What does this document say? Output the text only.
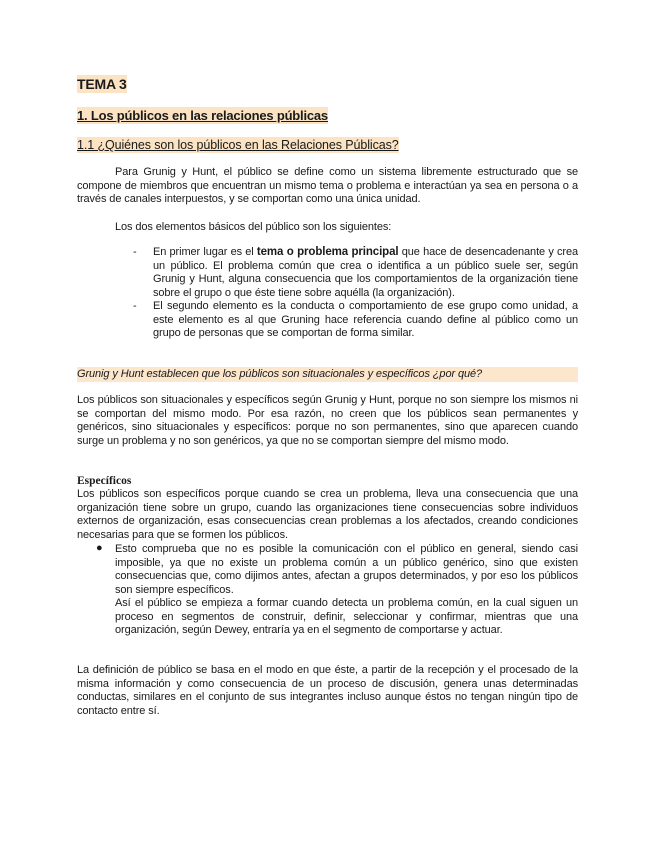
TEMA 3
1. Los públicos en las relaciones públicas
1.1 ¿Quiénes son los públicos en las Relaciones Públicas?
Para Grunig y Hunt, el público se define como un sistema libremente estructurado que se compone de miembros que encuentran un mismo tema o problema e interactúan ya sea en persona o a través de canales interpuestos, y se comportan como una única unidad.
Los dos elementos básicos del público son los siguientes:
- En primer lugar es el tema o problema principal que hace de desencadenante y crea un público. El problema común que crea o identifica a un público suele ser, según Grunig y Hunt, alguna consecuencia que los comportamientos de la organización tiene sobre el grupo o que éste tiene sobre aquélla (la organización).
- El segundo elemento es la conducta o comportamiento de ese grupo como unidad, a este elemento es al que Gruning hace referencia cuando define al público como un grupo de personas que se comportan de forma similar.
Grunig y Hunt establecen que los públicos son situacionales y específicos ¿por qué?
Los públicos son situacionales y específicos según Grunig y Hunt, porque no son siempre los mismos ni se comportan del mismo modo. Por esa razón, no creen que los públicos sean permanentes y genéricos, sino situacionales y específicos: porque no son permanentes, sino que aparecen cuando surge un problema y no son genéricos, ya que no se comportan siempre del mismo modo.
Específicos
Los públicos son específicos porque cuando se crea un problema, lleva una consecuencia que una organización tiene sobre un grupo, cuando las organizaciones tiene consecuencias sobre individuos externos de organización, esas consecuencias crean problemas a los afectados, creando condiciones necesarias para que se formen los públicos.
● Esto comprueba que no es posible la comunicación con el público en general, siendo casi imposible, ya que no existe un problema común a un público genérico, sino que existen consecuencias que, como dijimos antes, afectan a grupos determinados, y por eso los públicos son siempre específicos.
Así el público se empieza a formar cuando detecta un problema común, en la cual siguen un proceso en segmentos de construir, definir, seleccionar y confirmar, mientras que una organización, según Dewey, entraría ya en el segmento de comportarse y actuar.
La definición de público se basa en el modo en que éste, a partir de la recepción y el procesado de la misma información y como consecuencia de un proceso de discusión, genera unas determinadas conductas, similares en el conjunto de sus integrantes incluso aunque éstos no tengan ningún tipo de contacto entre sí.
